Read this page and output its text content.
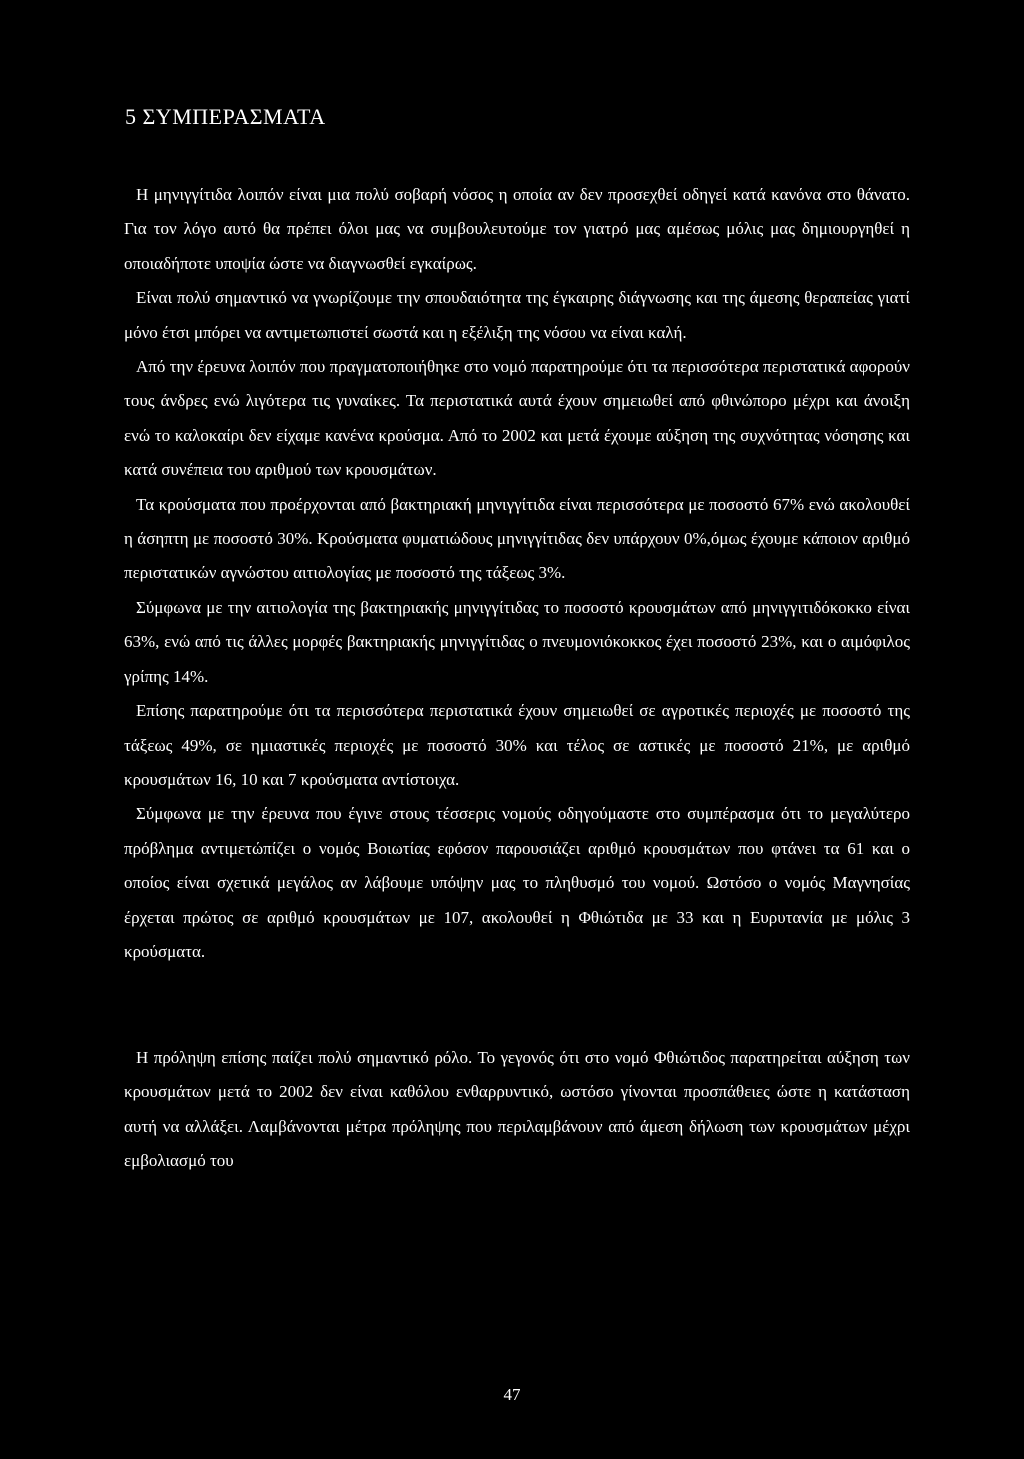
5 ΣΥΜΠΕΡΑΣΜΑΤΑ

Η μηνιγγίτιδα λοιπόν είναι μια πολύ σοβαρή νόσος η οποία αν δεν προσεχθεί οδηγεί κατά κανόνα στο θάνατο. Για τον λόγο αυτό θα πρέπει όλοι μας να συμβουλευτούμε τον γιατρό μας αμέσως μόλις μας δημιουργηθεί η οποιαδήποτε υποψία ώστε να διαγνωσθεί εγκαίρως.

Είναι πολύ σημαντικό να γνωρίζουμε την σπουδαιότητα της έγκαιρης διάγνωσης και της άμεσης θεραπείας γιατί μόνο έτσι μπόρει να αντιμετωπιστεί σωστά και η εξέλιξη της νόσου να είναι καλή.

Από την έρευνα λοιπόν που πραγματοποιήθηκε στο νομό παρατηρούμε ότι τα περισσότερα περιστατικά αφορούν τους άνδρες ενώ λιγότερα τις γυναίκες. Τα περιστατικά αυτά έχουν σημειωθεί από φθινώπορο μέχρι και άνοιξη ενώ το καλοκαίρι δεν είχαμε κανένα κρούσμα. Από το 2002 και μετά έχουμε αύξηση της συχνότητας νόσησης και κατά συνέπεια του αριθμού των κρουσμάτων.

Τα κρούσματα που προέρχονται από βακτηριακή μηνιγγίτιδα είναι περισσότερα με ποσοστό 67% ενώ ακολουθεί η άσηπτη με ποσοστό 30%. Κρούσματα φυματιώδους μηνιγγίτιδας δεν υπάρχουν 0%,όμως έχουμε κάποιον αριθμό περιστατικών αγνώστου αιτιολογίας με ποσοστό της τάξεως 3%.

Σύμφωνα με την αιτιολογία της βακτηριακής μηνιγγίτιδας το ποσοστό κρουσμάτων από μηνιγγιτιδόκοκκο είναι 63%, ενώ από τις άλλες μορφές βακτηριακής μηνιγγίτιδας ο πνευμονιόκοκκος έχει ποσοστό 23%, και ο αιμόφιλος γρίπης 14%.

Επίσης παρατηρούμε ότι τα περισσότερα περιστατικά έχουν σημειωθεί σε αγροτικές περιοχές με ποσοστό της τάξεως 49%, σε ημιαστικές περιοχές με ποσοστό 30% και τέλος σε αστικές με ποσοστό 21%, με αριθμό κρουσμάτων 16, 10 και 7 κρούσματα αντίστοιχα.

Σύμφωνα με την έρευνα που έγινε στους τέσσερις νομούς οδηγούμαστε στο συμπέρασμα ότι το μεγαλύτερο πρόβλημα αντιμετώπίζει ο νομός Βοιωτίας εφόσον παρουσιάζει αριθμό κρουσμάτων που φτάνει τα 61 και ο οποίος είναι σχετικά μεγάλος αν λάβουμε υπόψην μας το πληθυσμό του νομού. Ωστόσο ο νομός Μαγνησίας έρχεται πρώτος σε αριθμό κρουσμάτων με 107, ακολουθεί η Φθιώτιδα με 33 και η Ευρυτανία με μόλις 3 κρούσματα.

Η πρόληψη επίσης παίζει πολύ σημαντικό ρόλο. Το γεγονός ότι στο νομό Φθιώτιδος παρατηρείται αύξηση των κρουσμάτων μετά το 2002 δεν είναι καθόλου ενθαρρυντικό, ωστόσο γίνονται προσπάθειες ώστε η κατάσταση αυτή να αλλάξει. Λαμβάνονται μέτρα πρόληψης που περιλαμβάνουν από άμεση δήλωση των κρουσμάτων μέχρι εμβολιασμό του

47
